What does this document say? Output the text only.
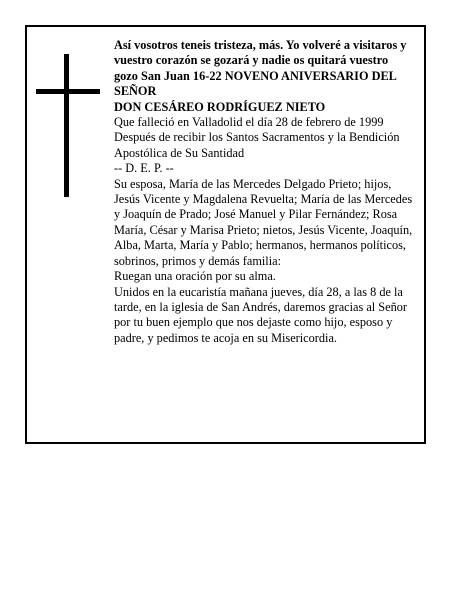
Así vosotros teneis tristeza, más. Yo volveré a visitaros y vuestro corazón se gozará y nadie os quitará vuestro gozo San Juan 16-22 NOVENO ANIVERSARIO DEL SEÑOR

DON CESÁREO RODRÍGUEZ NIETO

Que falleció en Valladolid el día 28 de febrero de 1999

Después de recibir los Santos Sacramentos y la Bendición Apostólica de Su Santidad

-- D. E. P. --

Su esposa, María de las Mercedes Delgado Prieto; hijos, Jesús Vicente y Magdalena Revuelta; María de las Mercedes y Joaquín de Prado; José Manuel y Pilar Fernández; Rosa María, César y Marisa Prieto; nietos, Jesús Vicente, Joaquín, Alba, Marta, María y Pablo; hermanos, hermanos políticos, sobrinos, primos y demás familia:

Ruegan una oración por su alma.

Unidos en la eucaristía mañana jueves, día 28, a las 8 de la tarde, en la iglesia de San Andrés, daremos gracias al Señor por tu buen ejemplo que nos dejaste como hijo, esposo y padre, y pedimos te acoja en su Misericordia.
